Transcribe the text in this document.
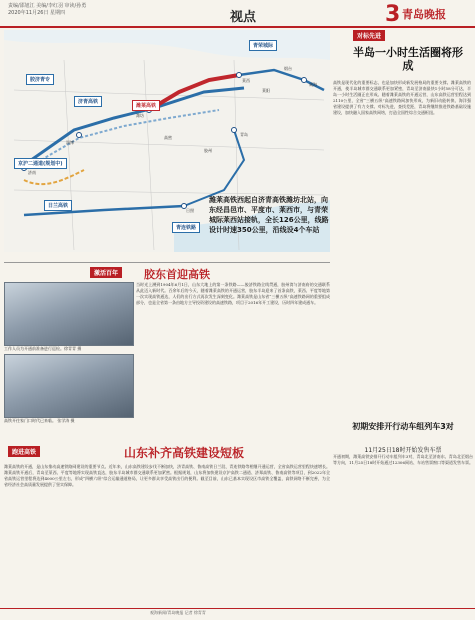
责编/邵旭江 美编/李红羽 审读/孙勇
2020年11月26日 星期四	视点	3 青岛晚报
胶济青专
济青高铁
潍莱高铁
京沪二通道(规划中)
日兰高铁
青荣城际
青连铁路
济南
淄博
潍坊
高密
胶州
青岛
日照
烟台
威海
莱西
莱阳
潍莱高铁西起自济青高铁潍坊北站，向东经昌邑市、平度市、莱西市，与青荣城际莱西站接轨，全长126公里，线路设计时速350公里，沿线设4个车站
对标先进
半岛一小时生活圈将形成
高铁是现代化的重要标志，也是加快形成新发展格局的重要支撑。潍莱高铁的开通，使半岛城市群交通联系更加紧密，青岛至济南最快1小时58分可达，半岛一小时生活圈正在形成。随着潍莱高铁的开通运营，山东高铁运营里程达到2110公里，全省“三横五纵”高速铁路网加快形成，为新旧动能转换、海洋强省建设提供了有力支撑。对标先进，查找差距，青岛将继续推进铁路基础设施建设，加快融入国家高铁网络，打造全国性综合交通枢纽。
初期安排开行动车组列车3对
11月25日18时开始发售车票
开通初期，潍莱高铁安排开行动车组列车3对，青岛北至济南东、青岛北至烟台等方向，11月25日18时开始通过12306网站、车站售票窗口等渠道发售车票。
激活百年	胶东首迎高铁
工作人员为开通前准备进行巡检。徐青青 摄
高铁开往家门口时代已来临。 张学涛 摄
当时光上溯到1904年6月1日，山东大地上的第一条铁路——胶济铁路全线贯通，胶州湾与济南府的交通联系从此迈入新时代。百余年后的今天，随着潍莱高铁的开通运营，胶东半岛迎来了首条高铁，莱西、平度等地第一次实现高铁通达，人们的出行方式再次发生深刻变化。潍莱高铁是山东省“三横五纵”高速铁路网的重要组成部分，也是全省第一条由地方主导投资建设的高速铁路，项目于2016年开工建设，历时四年建成通车。
跑进高铁	山东补齐高铁建设短板
潍莱高铁的开通，是山东推动高速铁路网建设的重要节点。近年来，山东高铁建设步伐不断加快，济青高铁、鲁南高铁日兰段、青连铁路等相继开通运营，全省高铁运营里程快速增长。潍莱高铁开通后，青岛至莱西、平度等地将实现高铁直达，胶东半岛城市群交通联系更加紧密。根据规划，山东将加快建设京沪高铁二通道、济郑高铁、鲁南高铁等项目，到2022年全省高铁运营里程将达到4000公里左右，形成“四横六纵”综合运输通道格局，让更多群众享受高铁出行的便利。截至目前，山东已基本实现设区市高铁全覆盖，高铁网络不断完善，为全省经济社会高质量发展提供了坚实保障。
观海新闻/青岛晚报 记者 徐青青
